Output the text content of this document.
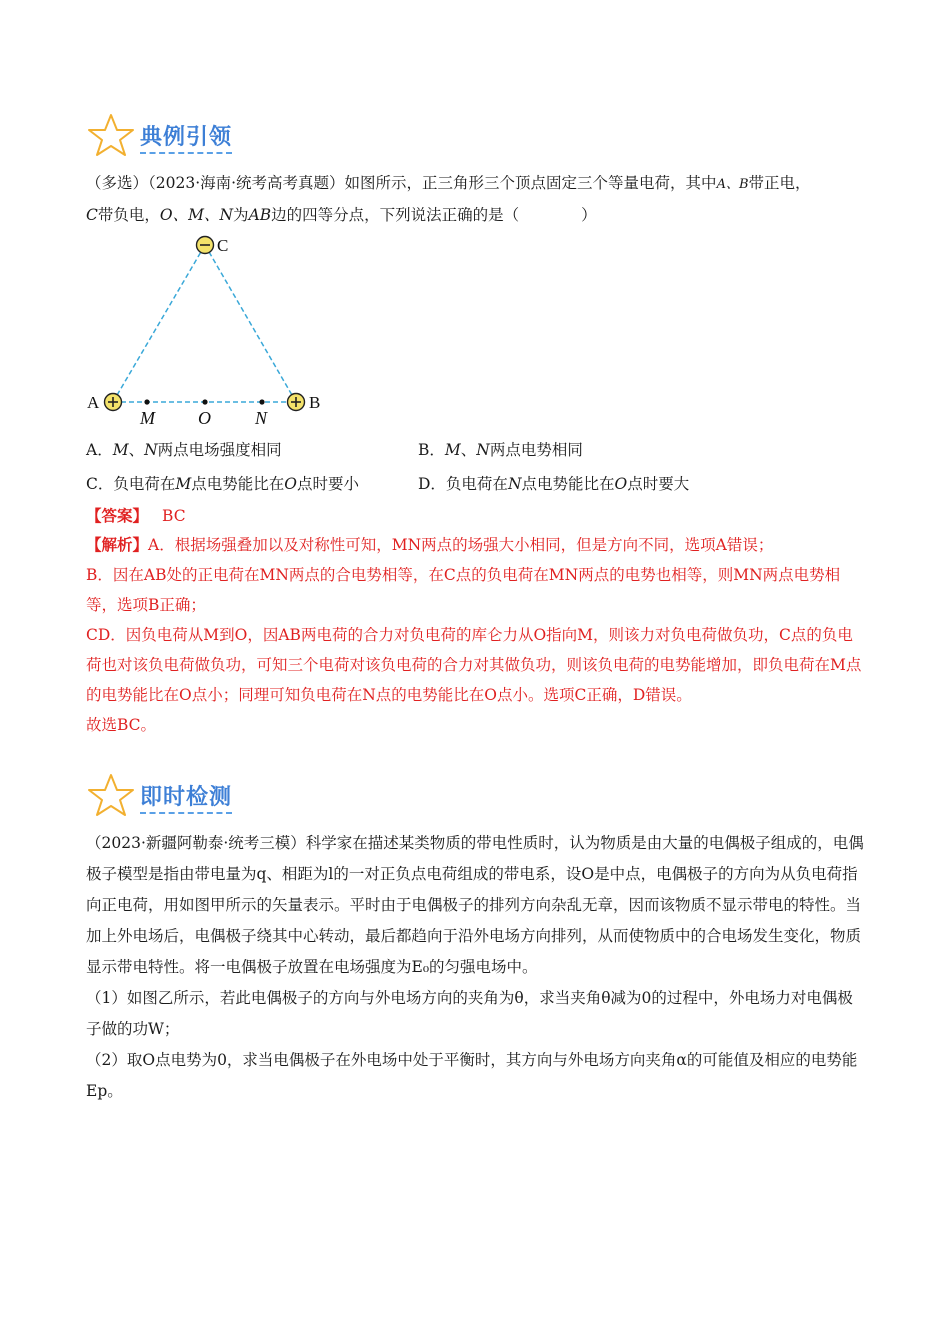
典例引领

（多选）（2023·海南·统考高考真题）如图所示，正三角形三个顶点固定三个等量电荷，其中A、B带正电，

C带负电，O、M、N为AB边的四等分点，下列说法正确的是（　　　　）

C
A	B
M O N
A．M、N两点电场强度相同	B．M、N两点电势相同
C．负电荷在M点电势能比在O点时要小	D．负电荷在N点电势能比在O点时要大

【答案】 BC

【解析】A．根据场强叠加以及对称性可知，MN两点的场强大小相同，但是方向不同，选项A错误；

B．因在AB处的正电荷在MN两点的合电势相等，在C点的负电荷在MN两点的电势也相等，则MN两点电势相等，选项B正确；

CD．因负电荷从M到O，因AB两电荷的合力对负电荷的库仑力从O指向M，则该力对负电荷做负功，C点的负电荷也对该负电荷做负功，可知三个电荷对该负电荷的合力对其做负功，则该负电荷的电势能增加，即负电荷在M点的电势能比在O点小；同理可知负电荷在N点的电势能比在O点小。选项C正确，D错误。

故选BC。

即时检测

（2023·新疆阿勒泰·统考三模）科学家在描述某类物质的带电性质时，认为物质是由大量的电偶极子组成的，电偶极子模型是指由带电量为q、相距为l的一对正负点电荷组成的带电系，设O是中点，电偶极子的方向为从负电荷指向正电荷，用如图甲所示的矢量表示。平时由于电偶极子的排列方向杂乱无章，因而该物质不显示带电的特性。当加上外电场后，电偶极子绕其中心转动，最后都趋向于沿外电场方向排列，从而使物质中的合电场发生变化，物质显示带电特性。将一电偶极子放置在电场强度为E₀的匀强电场中。

（1）如图乙所示，若此电偶极子的方向与外电场方向的夹角为θ，求当夹角θ减为0的过程中，外电场力对电偶极子做的功W；

（2）取O点电势为0，求当电偶极子在外电场中处于平衡时，其方向与外电场方向夹角α的可能值及相应的电势能Ep。
